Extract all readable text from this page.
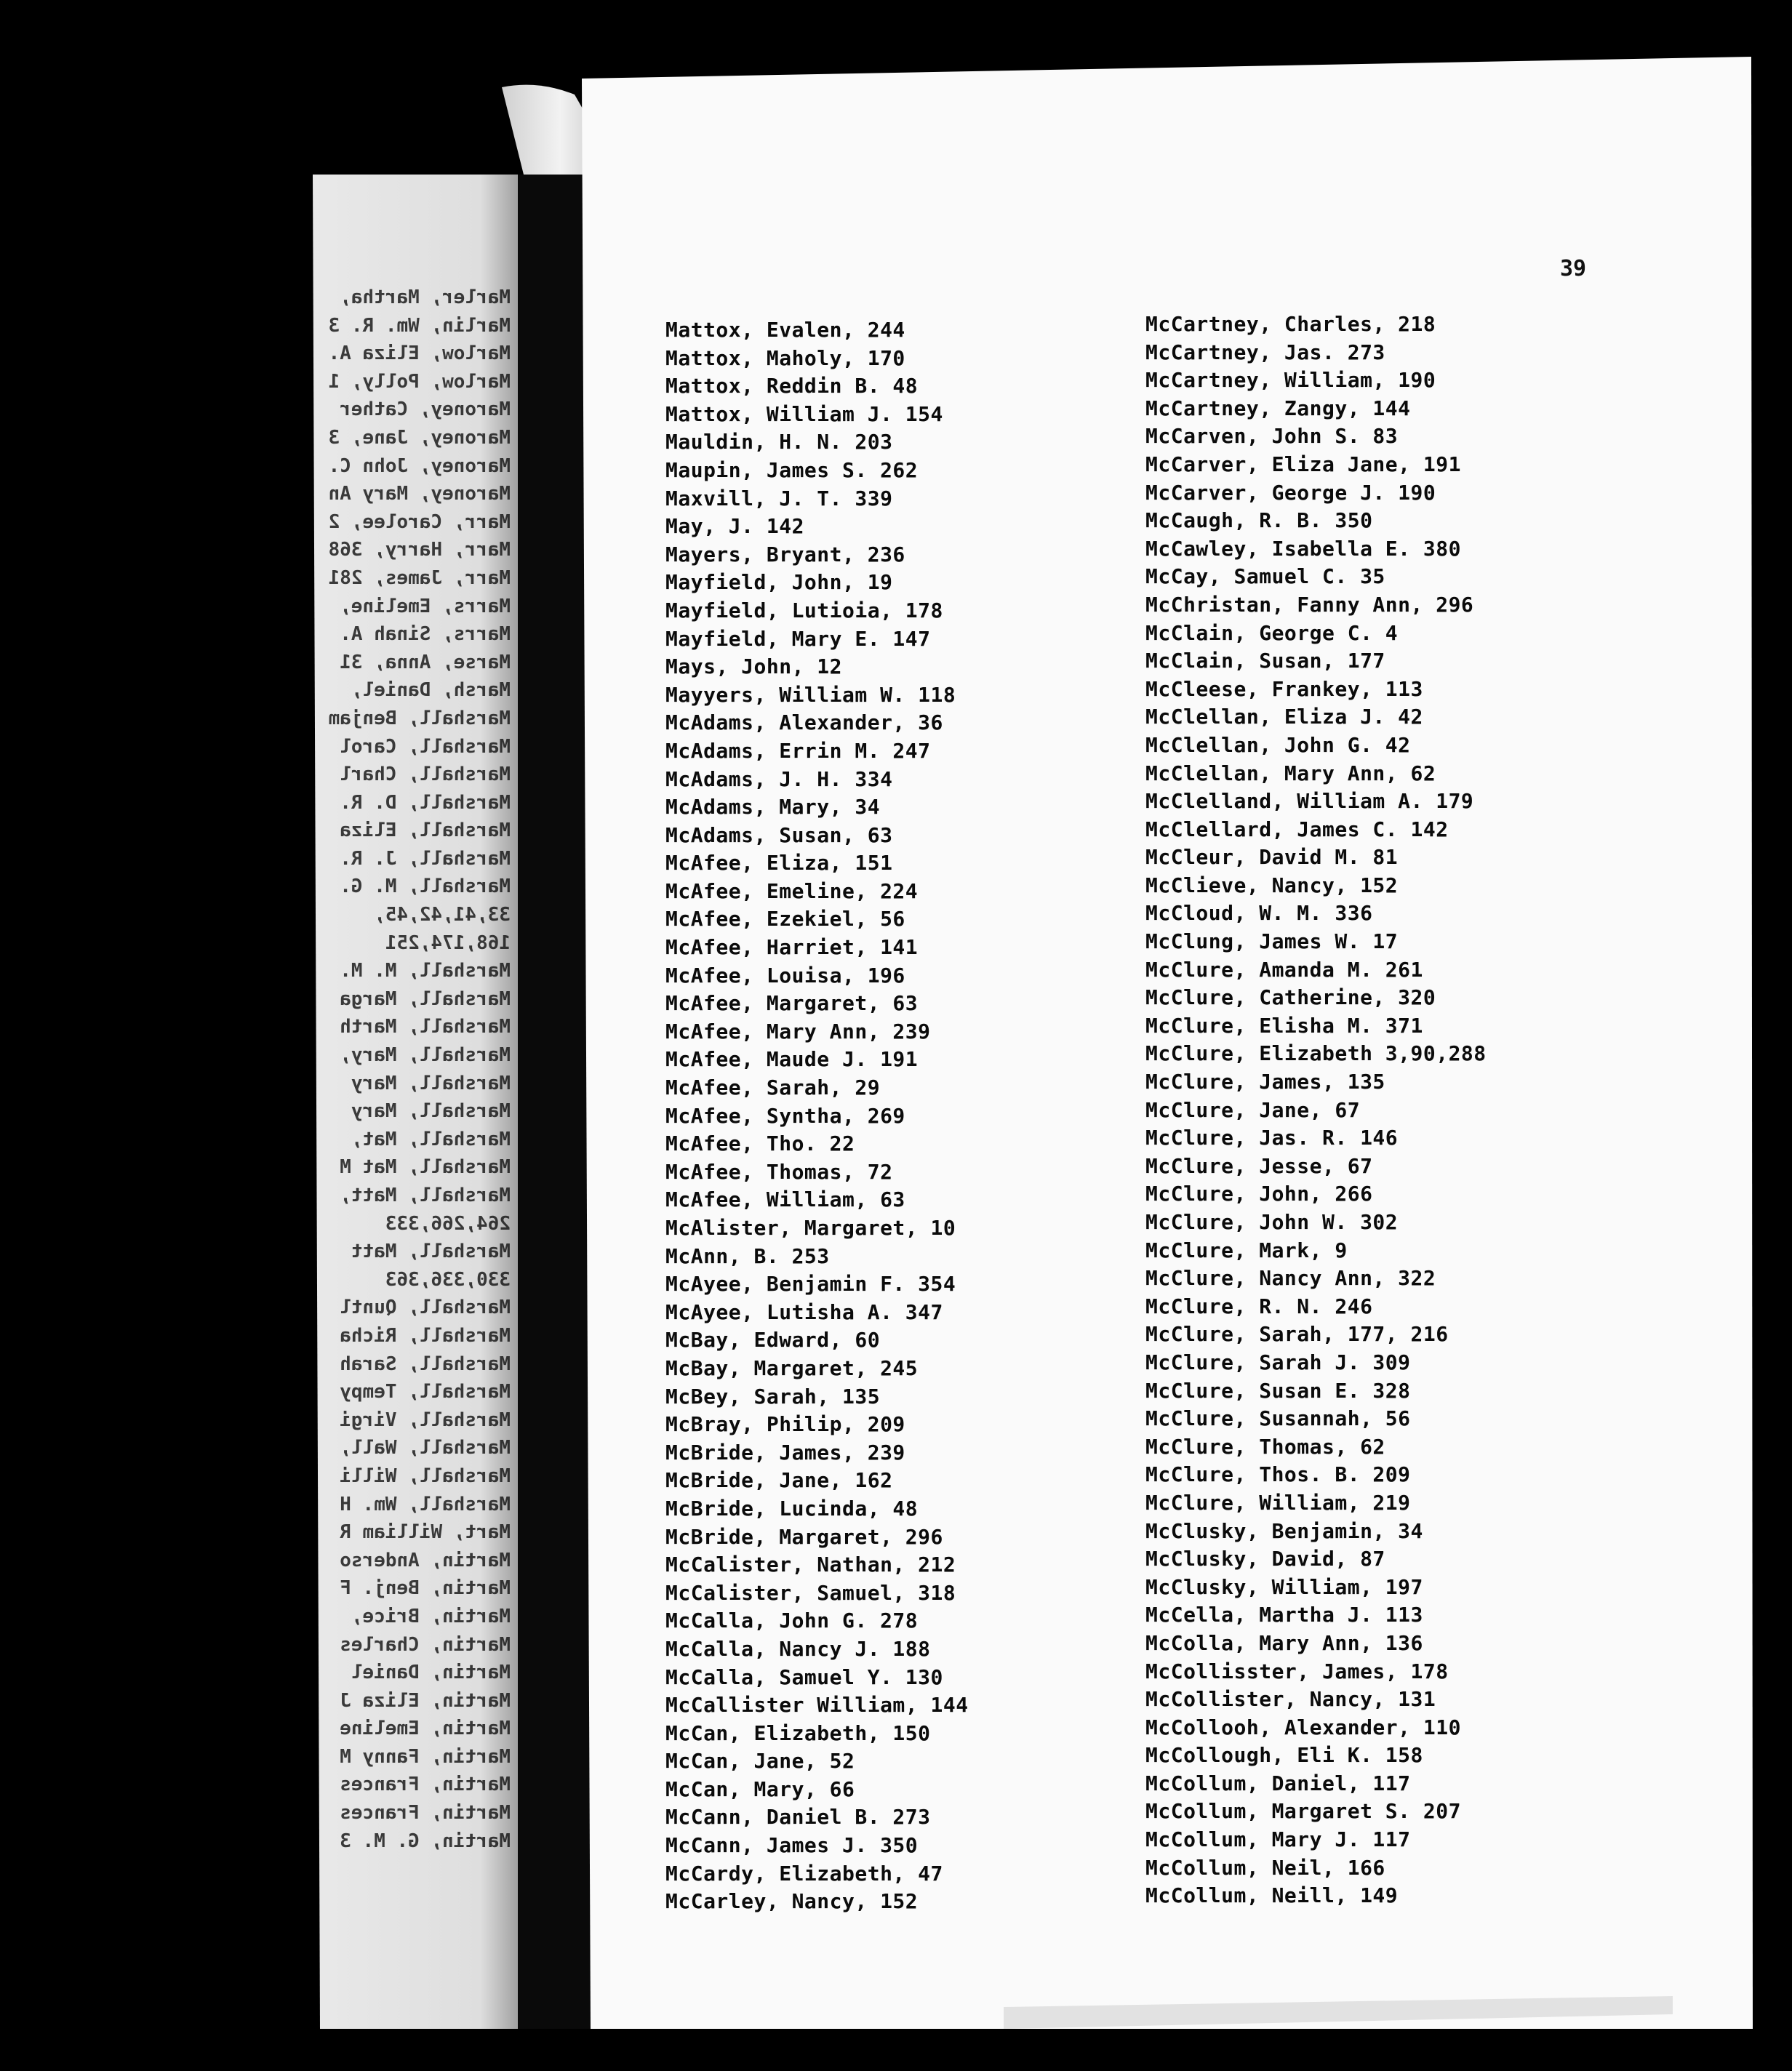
Marler, Martha,
Marlin, Wm. R. 3
Marlow, Eliza A.
Marlow, Polly, 1
Maroney, Cather
Maroney, Jane, 3
Maroney, John C.
Maroney, Mary An
Marr, Carolee, 2
Marr, Harry, 368
Marr, James, 281
Marrs, Emeline,
Marrs, Sinah A.
Marse, Anna, 31
Marsh, Daniel,
Marshall, Benjam
Marshall, Carol
Marshall, Charl
Marshall, D. R.
Marshall, Eliza
Marshall, J. R.
Marshall, M. G.
33,41,42,45,
168,174,251
Marshall, M. M.
Marshall, Marga
Marshall, Marth
Marshall, Mary,
Marshall, Mary
Marshall, Mary
Marshall, Mat,
Marshall, Mat M
Marshall, Matt,
264,266,333
Marshall, Matt
330,336,363
Marshall, Quntl
Marshall, Richa
Marshall, Sarah
Marshall, Tempy
Marshall, Virgi
Marshall, Wall,
Marshall, Willi
Marshall, Wm. H
Mart, William R
Martin, Anderso
Martin, Benj. F
Martin, Brice,
Martin, Charles
Martin, Daniel
Martin, Eliza J
Martin, Emeline
Martin, Fanny M
Martin, Frances
Martin, Frances
Martin, G. M. 3
39
Mattox, Evalen, 244
Mattox, Maholy, 170
Mattox, Reddin B. 48
Mattox, William J. 154
Mauldin, H. N. 203
Maupin, James S. 262
Maxvill, J. T. 339
May, J. 142
Mayers, Bryant, 236
Mayfield, John, 19
Mayfield, Lutioia, 178
Mayfield, Mary E. 147
Mays, John, 12
Mayyers, William W. 118
McAdams, Alexander, 36
McAdams, Errin M. 247
McAdams, J. H. 334
McAdams, Mary, 34
McAdams, Susan, 63
McAfee, Eliza, 151
McAfee, Emeline, 224
McAfee, Ezekiel, 56
McAfee, Harriet, 141
McAfee, Louisa, 196
McAfee, Margaret, 63
McAfee, Mary Ann, 239
McAfee, Maude J. 191
McAfee, Sarah, 29
McAfee, Syntha, 269
McAfee, Tho. 22
McAfee, Thomas, 72
McAfee, William, 63
McAlister, Margaret, 10
McAnn, B. 253
McAyee, Benjamin F. 354
McAyee, Lutisha A. 347
McBay, Edward, 60
McBay, Margaret, 245
McBey, Sarah, 135
McBray, Philip, 209
McBride, James, 239
McBride, Jane, 162
McBride, Lucinda, 48
McBride, Margaret, 296
McCalister, Nathan, 212
McCalister, Samuel, 318
McCalla, John G. 278
McCalla, Nancy J. 188
McCalla, Samuel Y. 130
McCallister William, 144
McCan, Elizabeth, 150
McCan, Jane, 52
McCan, Mary, 66
McCann, Daniel B. 273
McCann, James J. 350
McCardy, Elizabeth, 47
McCarley, Nancy, 152
McCartney, Charles, 218
McCartney, Jas. 273
McCartney, William, 190
McCartney, Zangy, 144
McCarven, John S. 83
McCarver, Eliza Jane, 191
McCarver, George J. 190
McCaugh, R. B. 350
McCawley, Isabella E. 380
McCay, Samuel C. 35
McChristan, Fanny Ann, 296
McClain, George C. 4
McClain, Susan, 177
McCleese, Frankey, 113
McClellan, Eliza J. 42
McClellan, John G. 42
McClellan, Mary Ann, 62
McClelland, William A. 179
McClellard, James C. 142
McCleur, David M. 81
McClieve, Nancy, 152
McCloud, W. M. 336
McClung, James W. 17
McClure, Amanda M. 261
McClure, Catherine, 320
McClure, Elisha M. 371
McClure, Elizabeth 3,90,288
McClure, James, 135
McClure, Jane, 67
McClure, Jas. R. 146
McClure, Jesse, 67
McClure, John, 266
McClure, John W. 302
McClure, Mark, 9
McClure, Nancy Ann, 322
McClure, R. N. 246
McClure, Sarah, 177, 216
McClure, Sarah J. 309
McClure, Susan E. 328
McClure, Susannah, 56
McClure, Thomas, 62
McClure, Thos. B. 209
McClure, William, 219
McClusky, Benjamin, 34
McClusky, David, 87
McClusky, William, 197
McCella, Martha J. 113
McColla, Mary Ann, 136
McCollisster, James, 178
McCollister, Nancy, 131
McCollooh, Alexander, 110
McCollough, Eli K. 158
McCollum, Daniel, 117
McCollum, Margaret S. 207
McCollum, Mary J. 117
McCollum, Neil, 166
McCollum, Neill, 149
